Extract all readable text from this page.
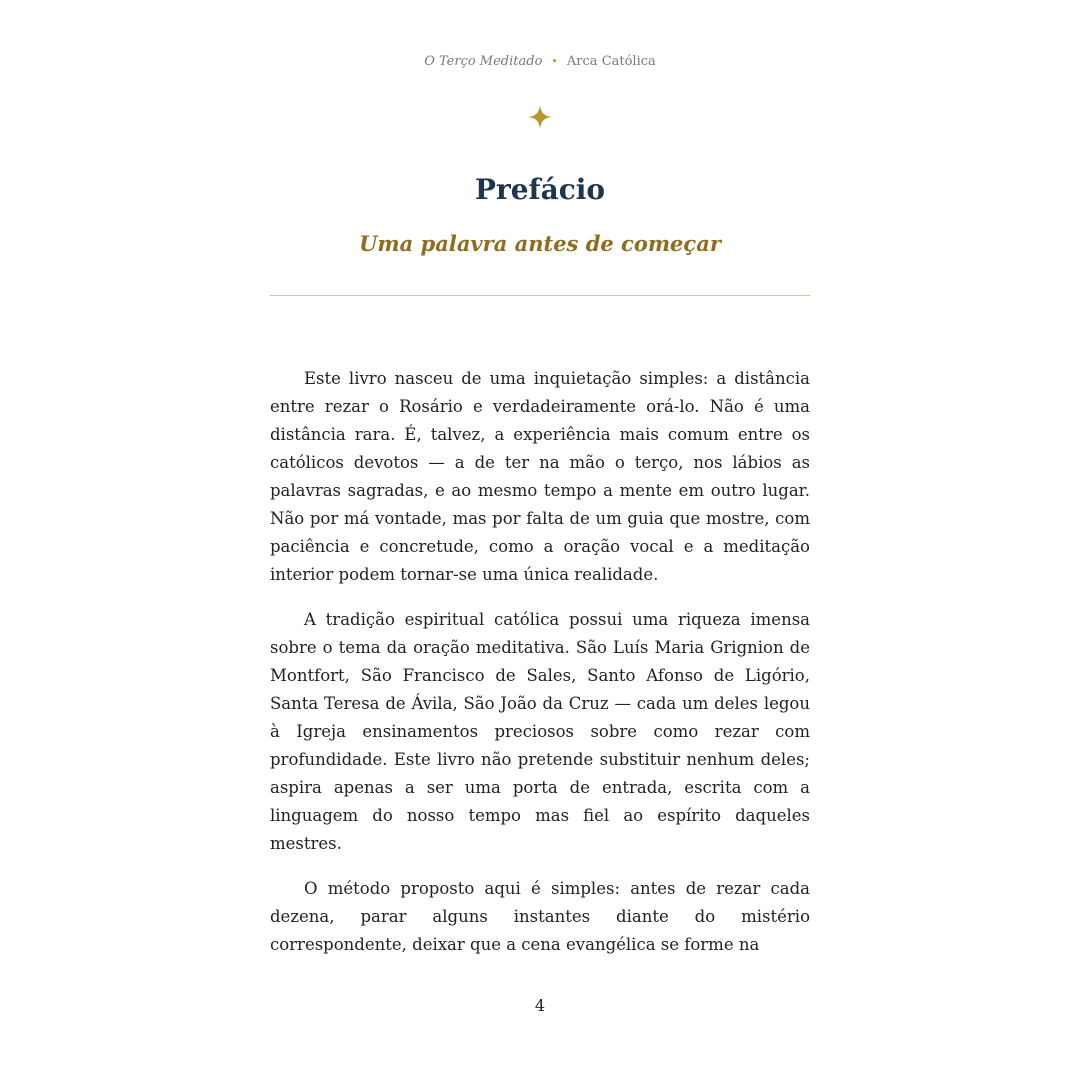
O Terço Meditado • Arca Católica
Prefácio
Uma palavra antes de começar

Este livro nasceu de uma inquietação simples: a distância entre rezar o Rosário e verdadeiramente orá-lo. Não é uma distância rara. É, talvez, a experiência mais comum entre os católicos devotos — a de ter na mão o terço, nos lábios as palavras sagradas, e ao mesmo tempo a mente em outro lugar. Não por má vontade, mas por falta de um guia que mostre, com paciência e concretude, como a oração vocal e a meditação interior podem tornar-se uma única realidade.

A tradição espiritual católica possui uma riqueza imensa sobre o tema da oração meditativa. São Luís Maria Grignion de Montfort, São Francisco de Sales, Santo Afonso de Ligório, Santa Teresa de Ávila, São João da Cruz — cada um deles legou à Igreja ensinamentos preciosos sobre como rezar com profundidade. Este livro não pretende substituir nenhum deles; aspira apenas a ser uma porta de entrada, escrita com a linguagem do nosso tempo mas fiel ao espírito daqueles mestres.

O método proposto aqui é simples: antes de rezar cada dezena, parar alguns instantes diante do mistério correspondente, deixar que a cena evangélica se forme na

4
